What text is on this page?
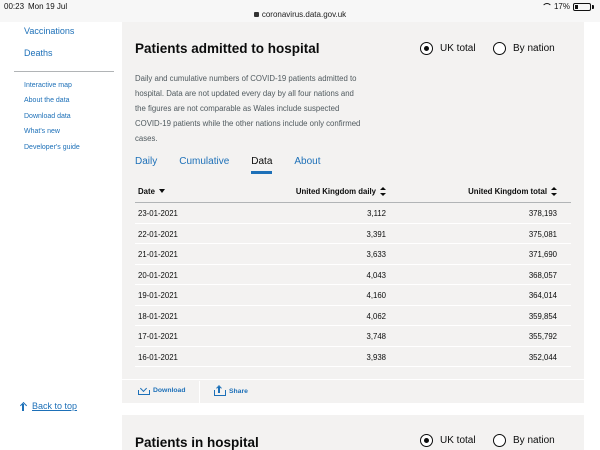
00:23 Mon 19 Jul
coronavirus.data.gov.uk
17%
Vaccinations
Deaths
Interactive map
About the data
Download data
What's new
Developer's guide
Back to top
Patients admitted to hospital	UK total	By nation
Daily and cumulative numbers of COVID-19 patients admitted to hospital. Data are not updated every day by all four nations and the figures are not comparable as Wales include suspected COVID-19 patients while the other nations include only confirmed cases.
Daily Cumulative Data About
Date	United Kingdom daily	United Kingdom total
23-01-2021	3,112	378,193
22-01-2021	3,391	375,081
21-01-2021	3,633	371,690
20-01-2021	4,043	368,057
19-01-2021	4,160	364,014
18-01-2021	4,062	359,854
17-01-2021	3,748	355,792
16-01-2021	3,938	352,044
Download	Share
Patients in hospital	UK total	By nation
